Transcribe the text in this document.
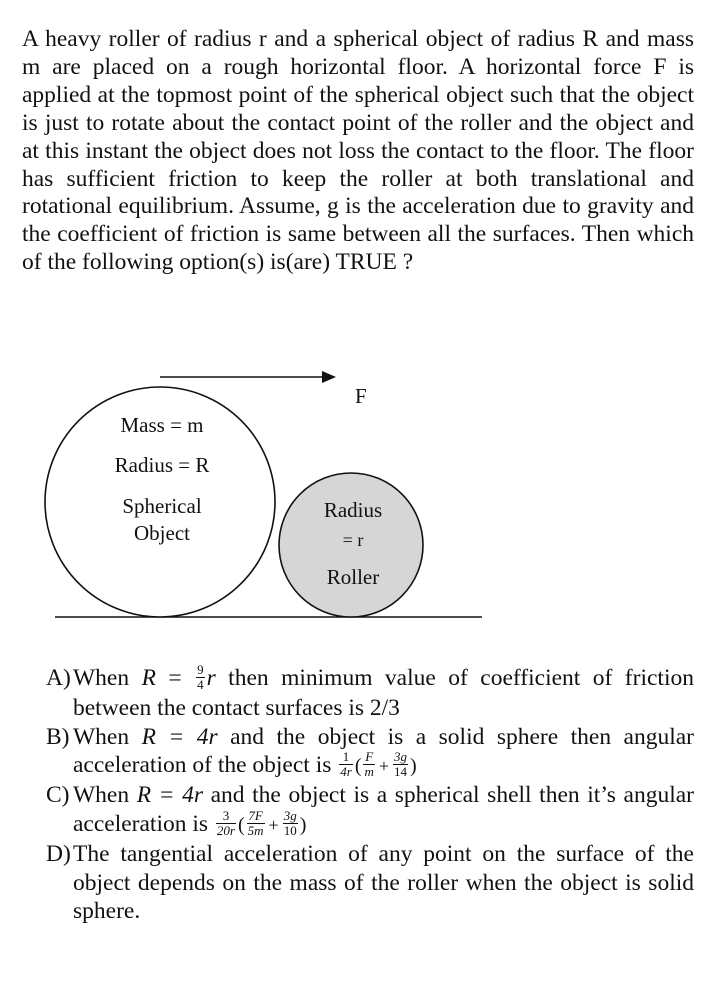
A heavy roller of radius r and a spherical object of radius R and mass m are placed on a rough horizontal floor. A horizontal force F is applied at the topmost point of the spherical object such that the object is just to rotate about the contact point of the roller and the object and at this instant the object does not loss the contact to the floor. The floor has sufficient friction to keep the roller at both translational and rotational equilibrium. Assume, g is the acceleration due to gravity and the coefficient of friction is same between all the surfaces. Then which of the following option(s) is(are) TRUE ?

F
Mass = m
Radius = R
Spherical
Object
Radius
= r
Roller
A) When $R = \frac{9}{4}$ r then minimum value of coefficient of friction between the contact surfaces is 2/3
B) When R = 4r and the object is a solid sphere then angular acceleration of the object is $\frac{1}{4r}$ ( $\frac{F}{m} + \frac{3g}{14}$ )
C) When R = 4r and the object is a spherical shell then it’s angular acceleration is $\frac{3}{20r}$ ( $\frac{7F}{5m} + \frac{3g}{10}$ )
D) The tangential acceleration of any point on the surface of the object depends on the mass of the roller when the object is solid sphere.
